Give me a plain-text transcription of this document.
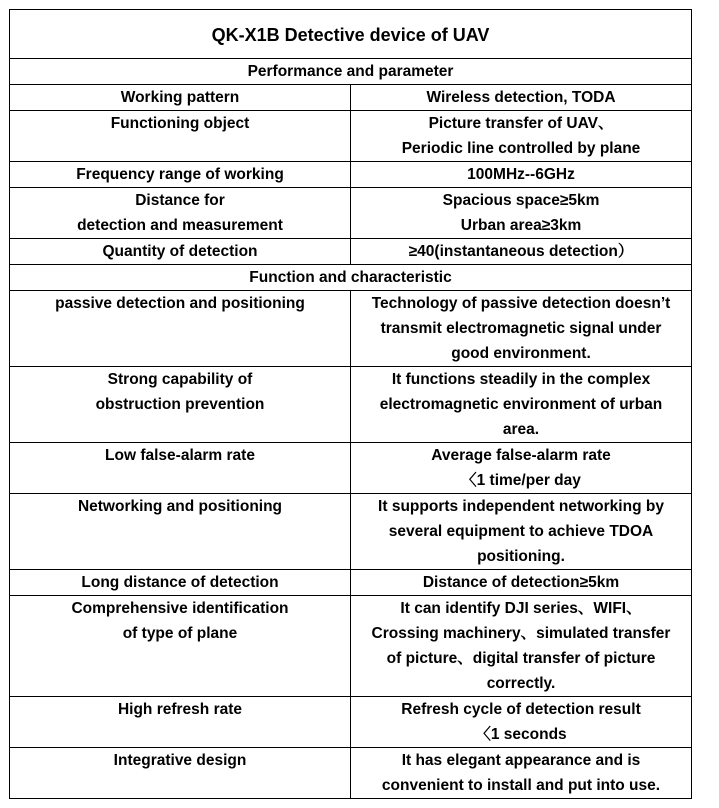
QK-X1B Detective device of UAV	
Performance and parameter	
Working pattern	Wireless detection, TODA
Functioning object	Picture transfer of UAV、
Periodic line controlled by plane
Frequency range of working	100MHz--6GHz
Distance for
detection and measurement	Spacious space≥5km
Urban area≥3km
Quantity of detection	≥40(instantaneous detection）
Function and characteristic	
passive detection and positioning	Technology of passive detection doesn’t
transmit electromagnetic signal under
good environment.
Strong capability of
obstruction prevention	It functions steadily in the complex
electromagnetic environment of urban
area.
Low false-alarm rate	Average false-alarm rate
〈1 time/per day
Networking and positioning	It supports independent networking by
several equipment to achieve TDOA
positioning.
Long distance of detection	Distance of detection≥5km
Comprehensive identification
of type of plane	It can identify DJI series、WIFI、
Crossing machinery、simulated transfer
of picture、digital transfer of picture
correctly.
High refresh rate	Refresh cycle of detection result
〈1 seconds
Integrative design	It has elegant appearance and is
convenient to install and put into use.
